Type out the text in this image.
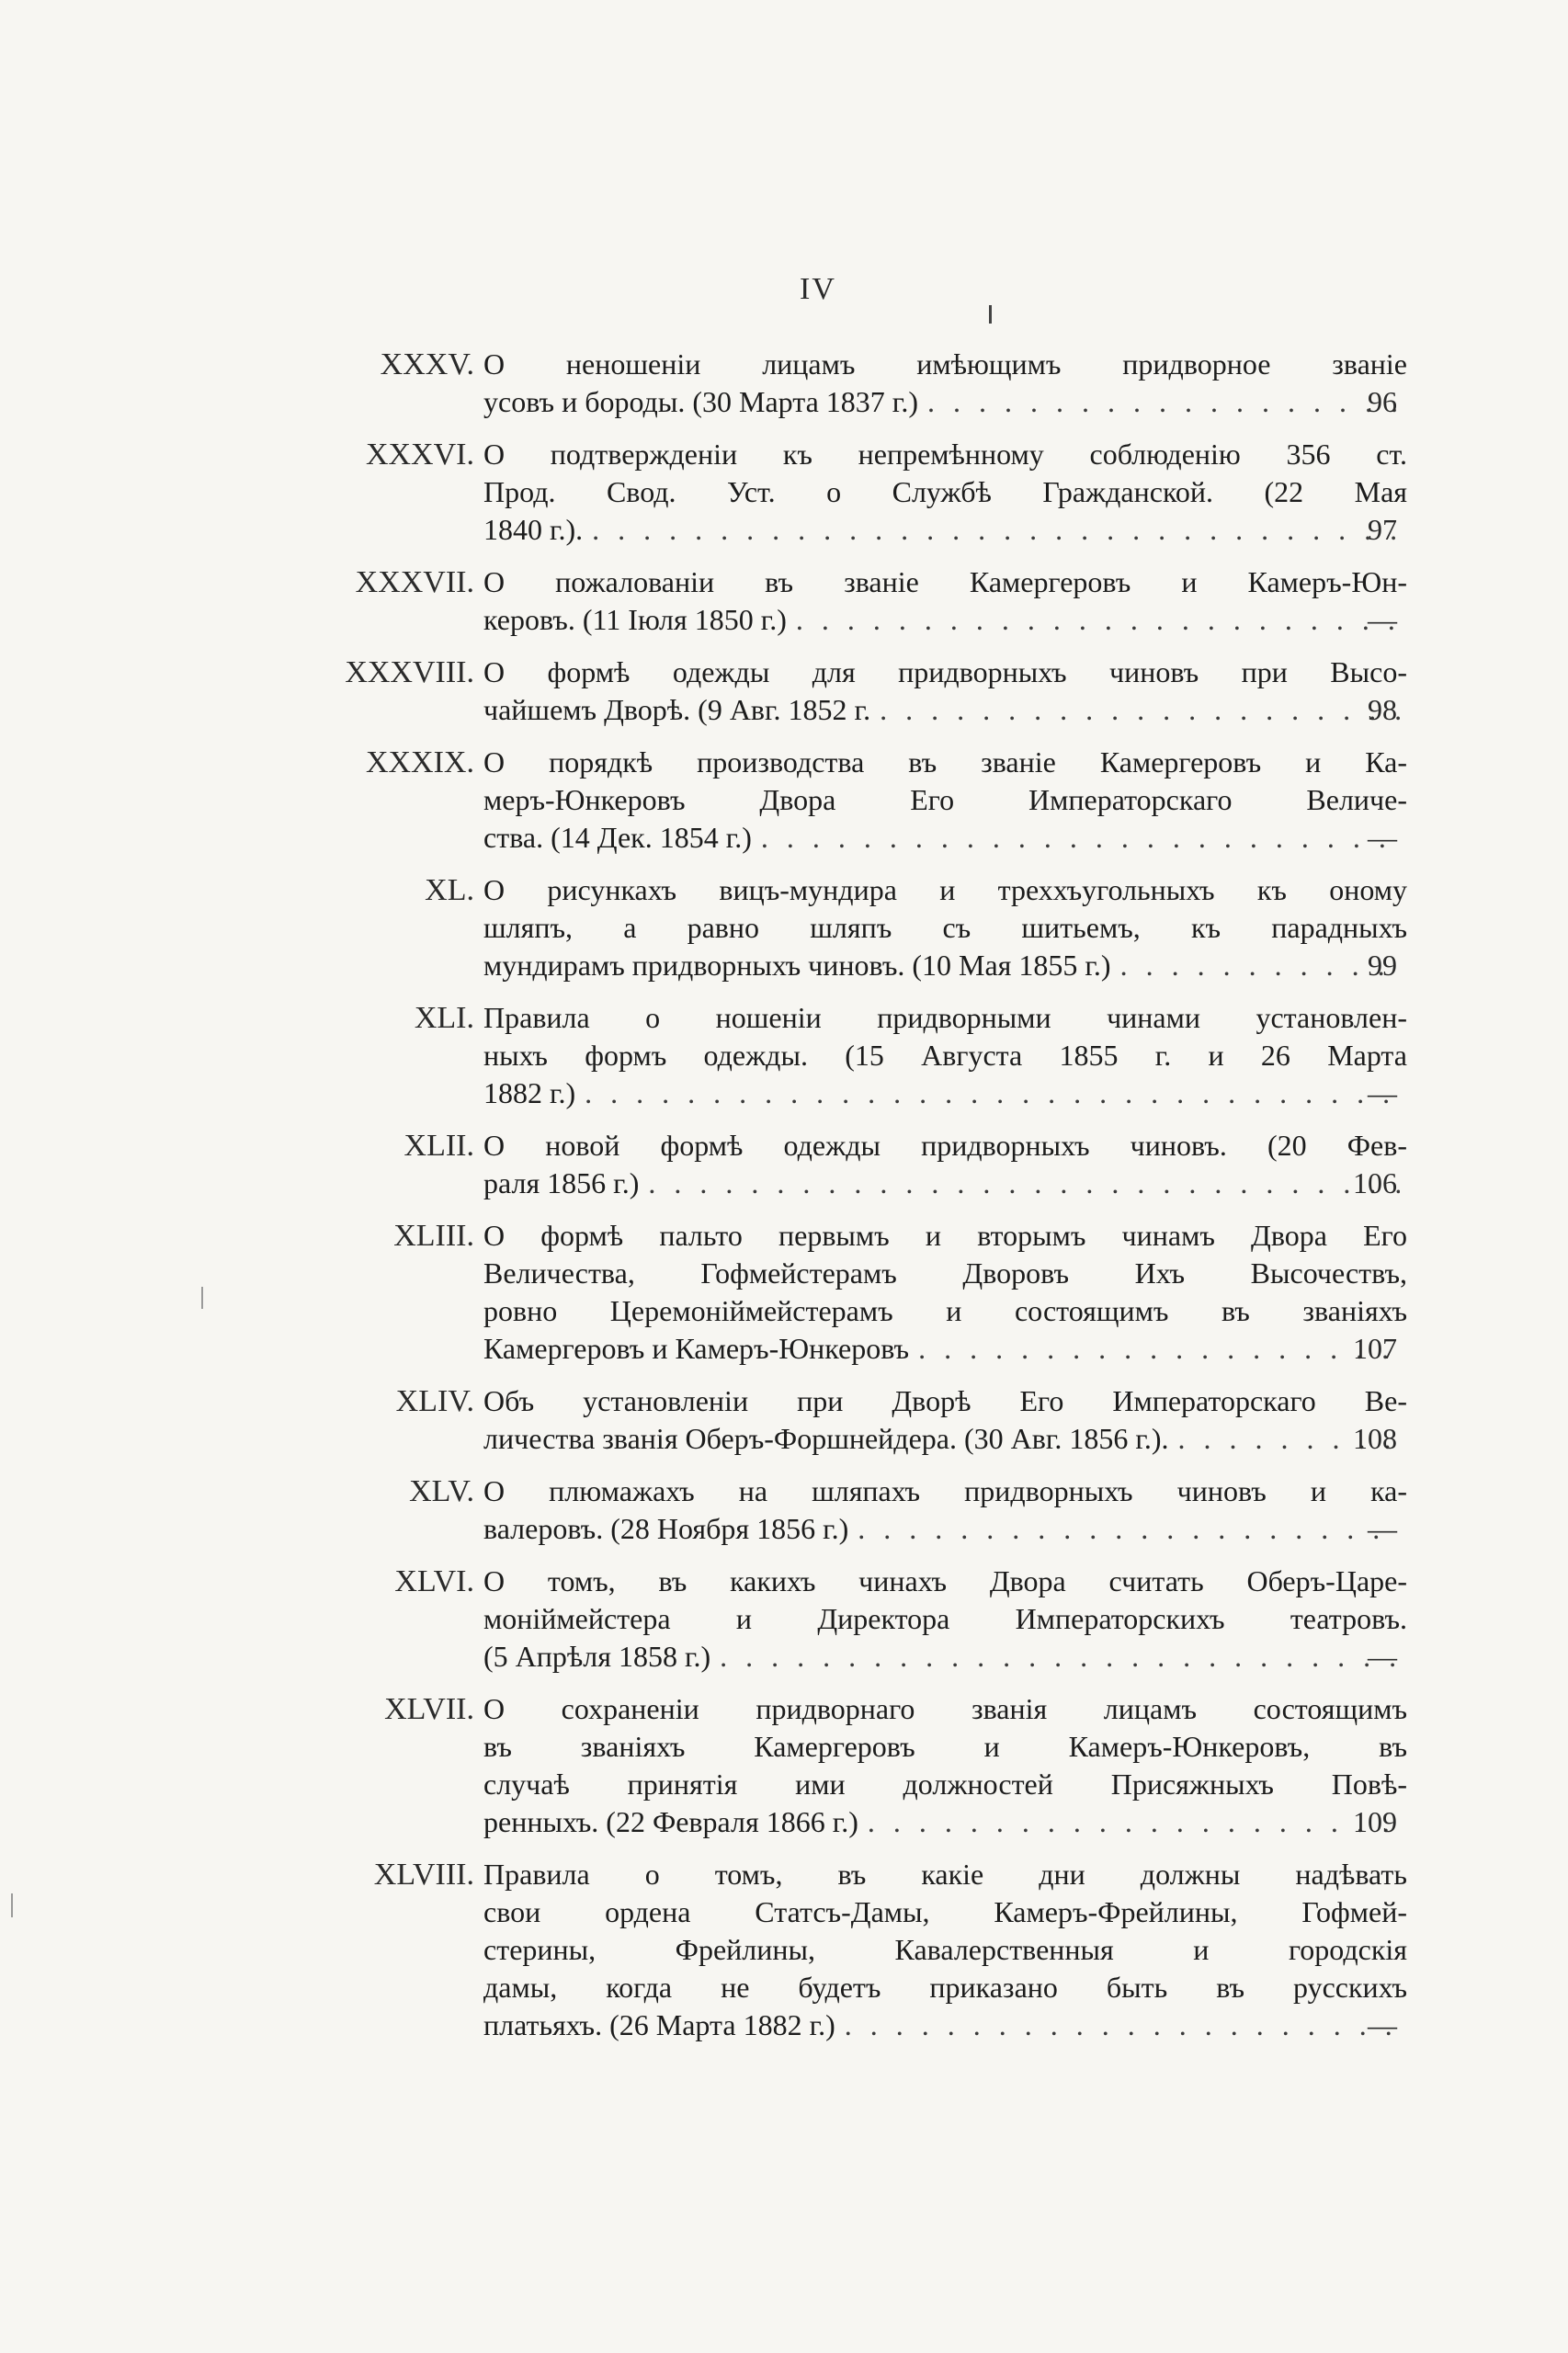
IV
XXXV. О неношеніи лицамъ имѣющимъ придворное званіе
усовъ и бороды. (30 Марта 1837 г.) . . .	96
XXXVI. О подтвержденіи къ непремѣнному соблюденію 356 ст.
Прод. Свод. Уст. о Службѣ Гражданской. (22 Мая
1840 г.). . . .	97
XXXVII. О пожалованіи въ званіе Камергеровъ и Камеръ-Юн-
керовъ. (11 Іюля 1850 г.) . . .	—
XXXVIII. О формѣ одежды для придворныхъ чиновъ при Высо-
чайшемъ Дворѣ. (9 Авг. 1852 г. . . .	98
XXXIX. О порядкѣ производства въ званіе Камергеровъ и Ка-
меръ-Юнкеровъ Двора Его Императорскаго Величе-
ства. (14 Дек. 1854 г.) . . .	—
XL. О рисункахъ вицъ-мундира и треххъугольныхъ къ оному
шляпъ, а равно шляпъ съ шитьемъ, къ парадныхъ
мундирамъ придворныхъ чиновъ. (10 Мая 1855 г.) . . .	99
XLI. Правила о ношеніи придворными чинами установлен-
ныхъ формъ одежды. (15 Августа 1855 г. и 26 Марта
1882 г.) . . .	—
XLII. О новой формѣ одежды придворныхъ чиновъ. (20 Фев-
раля 1856 г.) . . .	106
XLIII. О формѣ пальто первымъ и вторымъ чинамъ Двора Его
Величества, Гофмейстерамъ Дворовъ Ихъ Высочествъ,
ровно Церемоніймейстерамъ и состоящимъ въ званіяхъ
Камергеровъ и Камеръ-Юнкеровъ . . .	107
XLIV. Объ установленіи при Дворѣ Его Императорскаго Ве-
личества званія Оберъ-Форшнейдера. (30 Авг. 1856 г.). . . .	108
XLV. О плюмажахъ на шляпахъ придворныхъ чиновъ и ка-
валеровъ. (28 Ноября 1856 г.) . . .	—
XLVI. О томъ, въ какихъ чинахъ Двора считать Оберъ-Царе-
моніймейстера и Директора Императорскихъ театровъ.
(5 Апрѣля 1858 г.) . . .	—
XLVII. О сохраненіи придворнаго званія лицамъ состоящимъ
въ званіяхъ Камергеровъ и Камеръ-Юнкеровъ, въ
случаѣ принятія ими должностей Присяжныхъ Повѣ-
ренныхъ. (22 Февраля 1866 г.) . . .	109
XLVIII. Правила о томъ, въ какіе дни должны надѣвать
свои ордена Статсъ-Дамы, Камеръ-Фрейлины, Гофмей-
стерины, Фрейлины, Кавалерственныя и городскія
дамы, когда не будетъ приказано быть въ русскихъ
платьяхъ. (26 Марта 1882 г.) . . .	—
